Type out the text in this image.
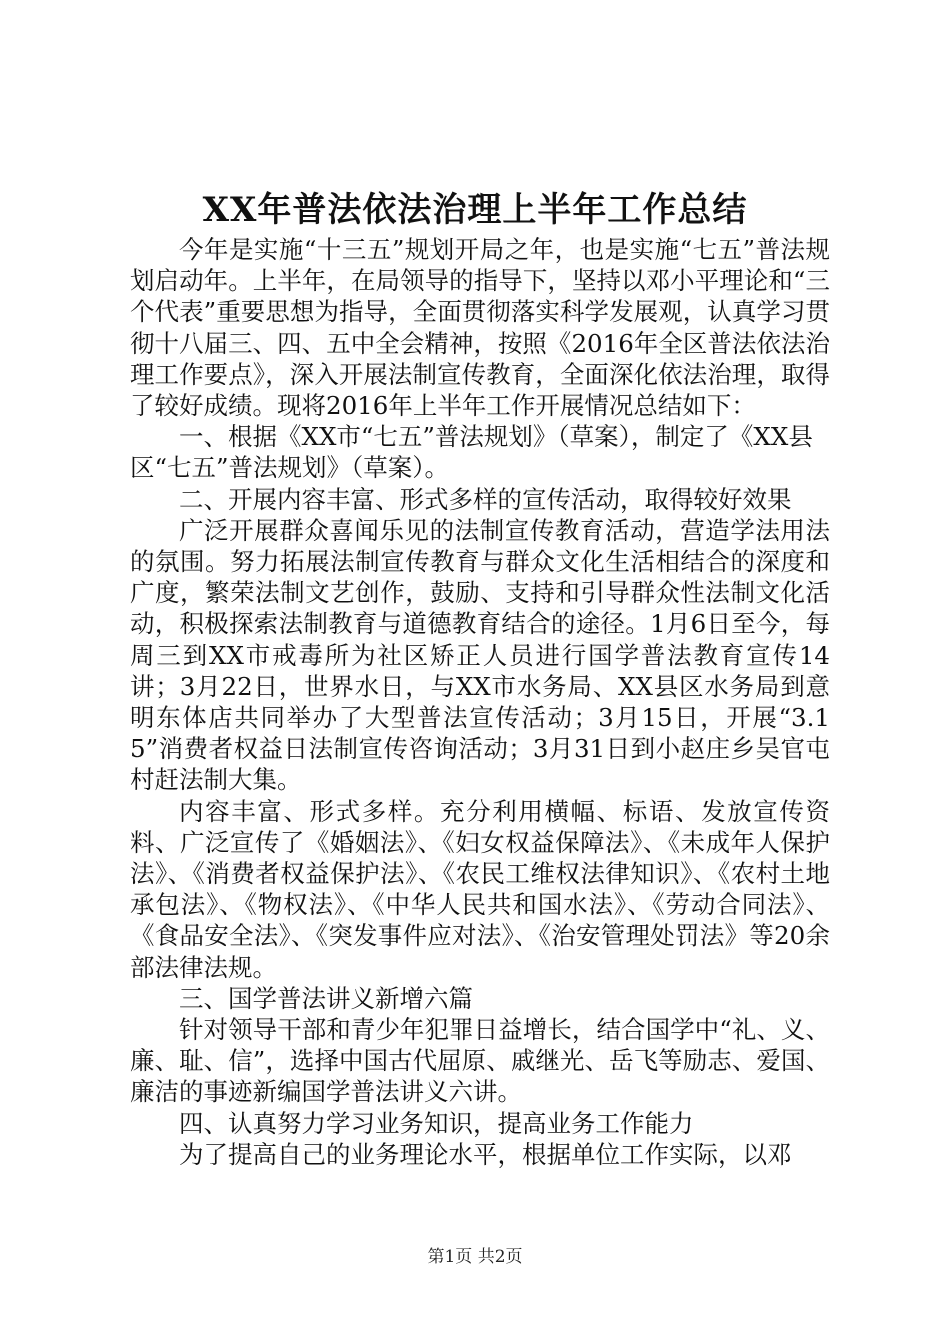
XX年普法依法治理上半年工作总结

今年是实施“十三五”规划开局之年，也是实施“七五”普法规划启动年。上半年，在局领导的指导下，坚持以邓小平理论和“三个代表”重要思想为指导，全面贯彻落实科学发展观，认真学习贯彻十八届三、四、五中全会精神，按照《2016年全区普法依法治理工作要点》，深入开展法制宣传教育，全面深化依法治理，取得了较好成绩。现将2016年上半年工作开展情况总结如下：

一、根据《XX市“七五”普法规划》（草案），制定了《XX县区“七五”普法规划》（草案）。

二、开展内容丰富、形式多样的宣传活动，取得较好效果

广泛开展群众喜闻乐见的法制宣传教育活动，营造学法用法的氛围。努力拓展法制宣传教育与群众文化生活相结合的深度和广度，繁荣法制文艺创作，鼓励、支持和引导群众性法制文化活动，积极探索法制教育与道德教育结合的途径。1月6日至今，每周三到XX市戒毒所为社区矫正人员进行国学普法教育宣传14讲；3月22日，世界水日，与XX市水务局、XX县区水务局到意明东体店共同举办了大型普法宣传活动；3月15日，开展“3.15”消费者权益日法制宣传咨询活动；3月31日到小赵庄乡吴官屯村赶法制大集。

内容丰富、形式多样。充分利用横幅、标语、发放宣传资料、广泛宣传了《婚姻法》、《妇女权益保障法》、《未成年人保护法》、《消费者权益保护法》、《农民工维权法律知识》、《农村土地承包法》、《物权法》、《中华人民共和国水法》、《劳动合同法》、《食品安全法》、《突发事件应对法》、《治安管理处罚法》等20余部法律法规。

三、国学普法讲义新增六篇

针对领导干部和青少年犯罪日益增长，结合国学中“礼、义、廉、耻、信”，选择中国古代屈原、戚继光、岳飞等励志、爱国、廉洁的事迹新编国学普法讲义六讲。

四、认真努力学习业务知识，提高业务工作能力

为了提高自己的业务理论水平，根据单位工作实际，以邓

第1页 共2页
